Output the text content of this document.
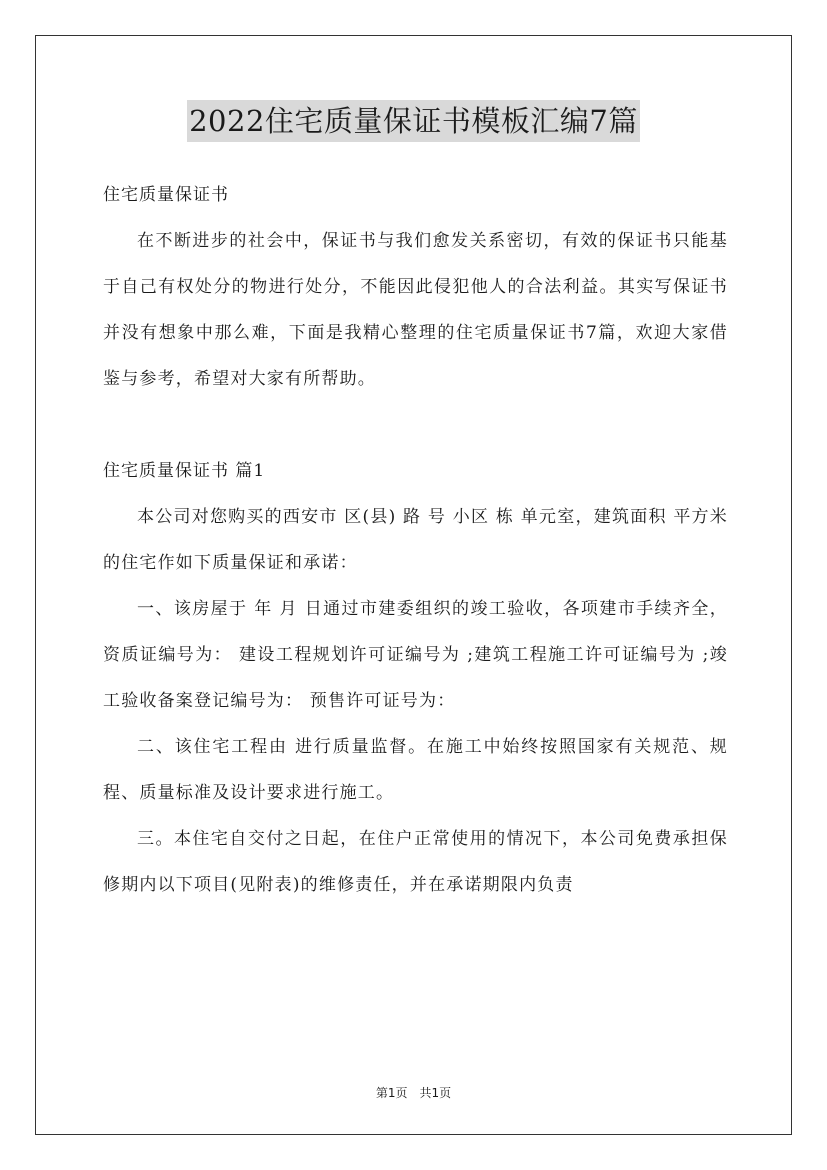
2022住宅质量保证书模板汇编7篇

住宅质量保证书

在不断进步的社会中，保证书与我们愈发关系密切，有效的保证书只能基于自己有权处分的物进行处分，不能因此侵犯他人的合法利益。其实写保证书并没有想象中那么难，下面是我精心整理的住宅质量保证书7篇，欢迎大家借鉴与参考，希望对大家有所帮助。

住宅质量保证书 篇1

本公司对您购买的西安市 区(县) 路 号 小区 栋 单元室，建筑面积 平方米的住宅作如下质量保证和承诺：

一、该房屋于 年 月 日通过市建委组织的竣工验收，各项建市手续齐全，资质证编号为： 建设工程规划许可证编号为 ;建筑工程施工许可证编号为 ;竣工验收备案登记编号为： 预售许可证号为：

二、该住宅工程由 进行质量监督。在施工中始终按照国家有关规范、规程、质量标准及设计要求进行施工。

三。本住宅自交付之日起，在住户正常使用的情况下，本公司免费承担保修期内以下项目(见附表)的维修责任，并在承诺期限内负责

第1页　共1页
